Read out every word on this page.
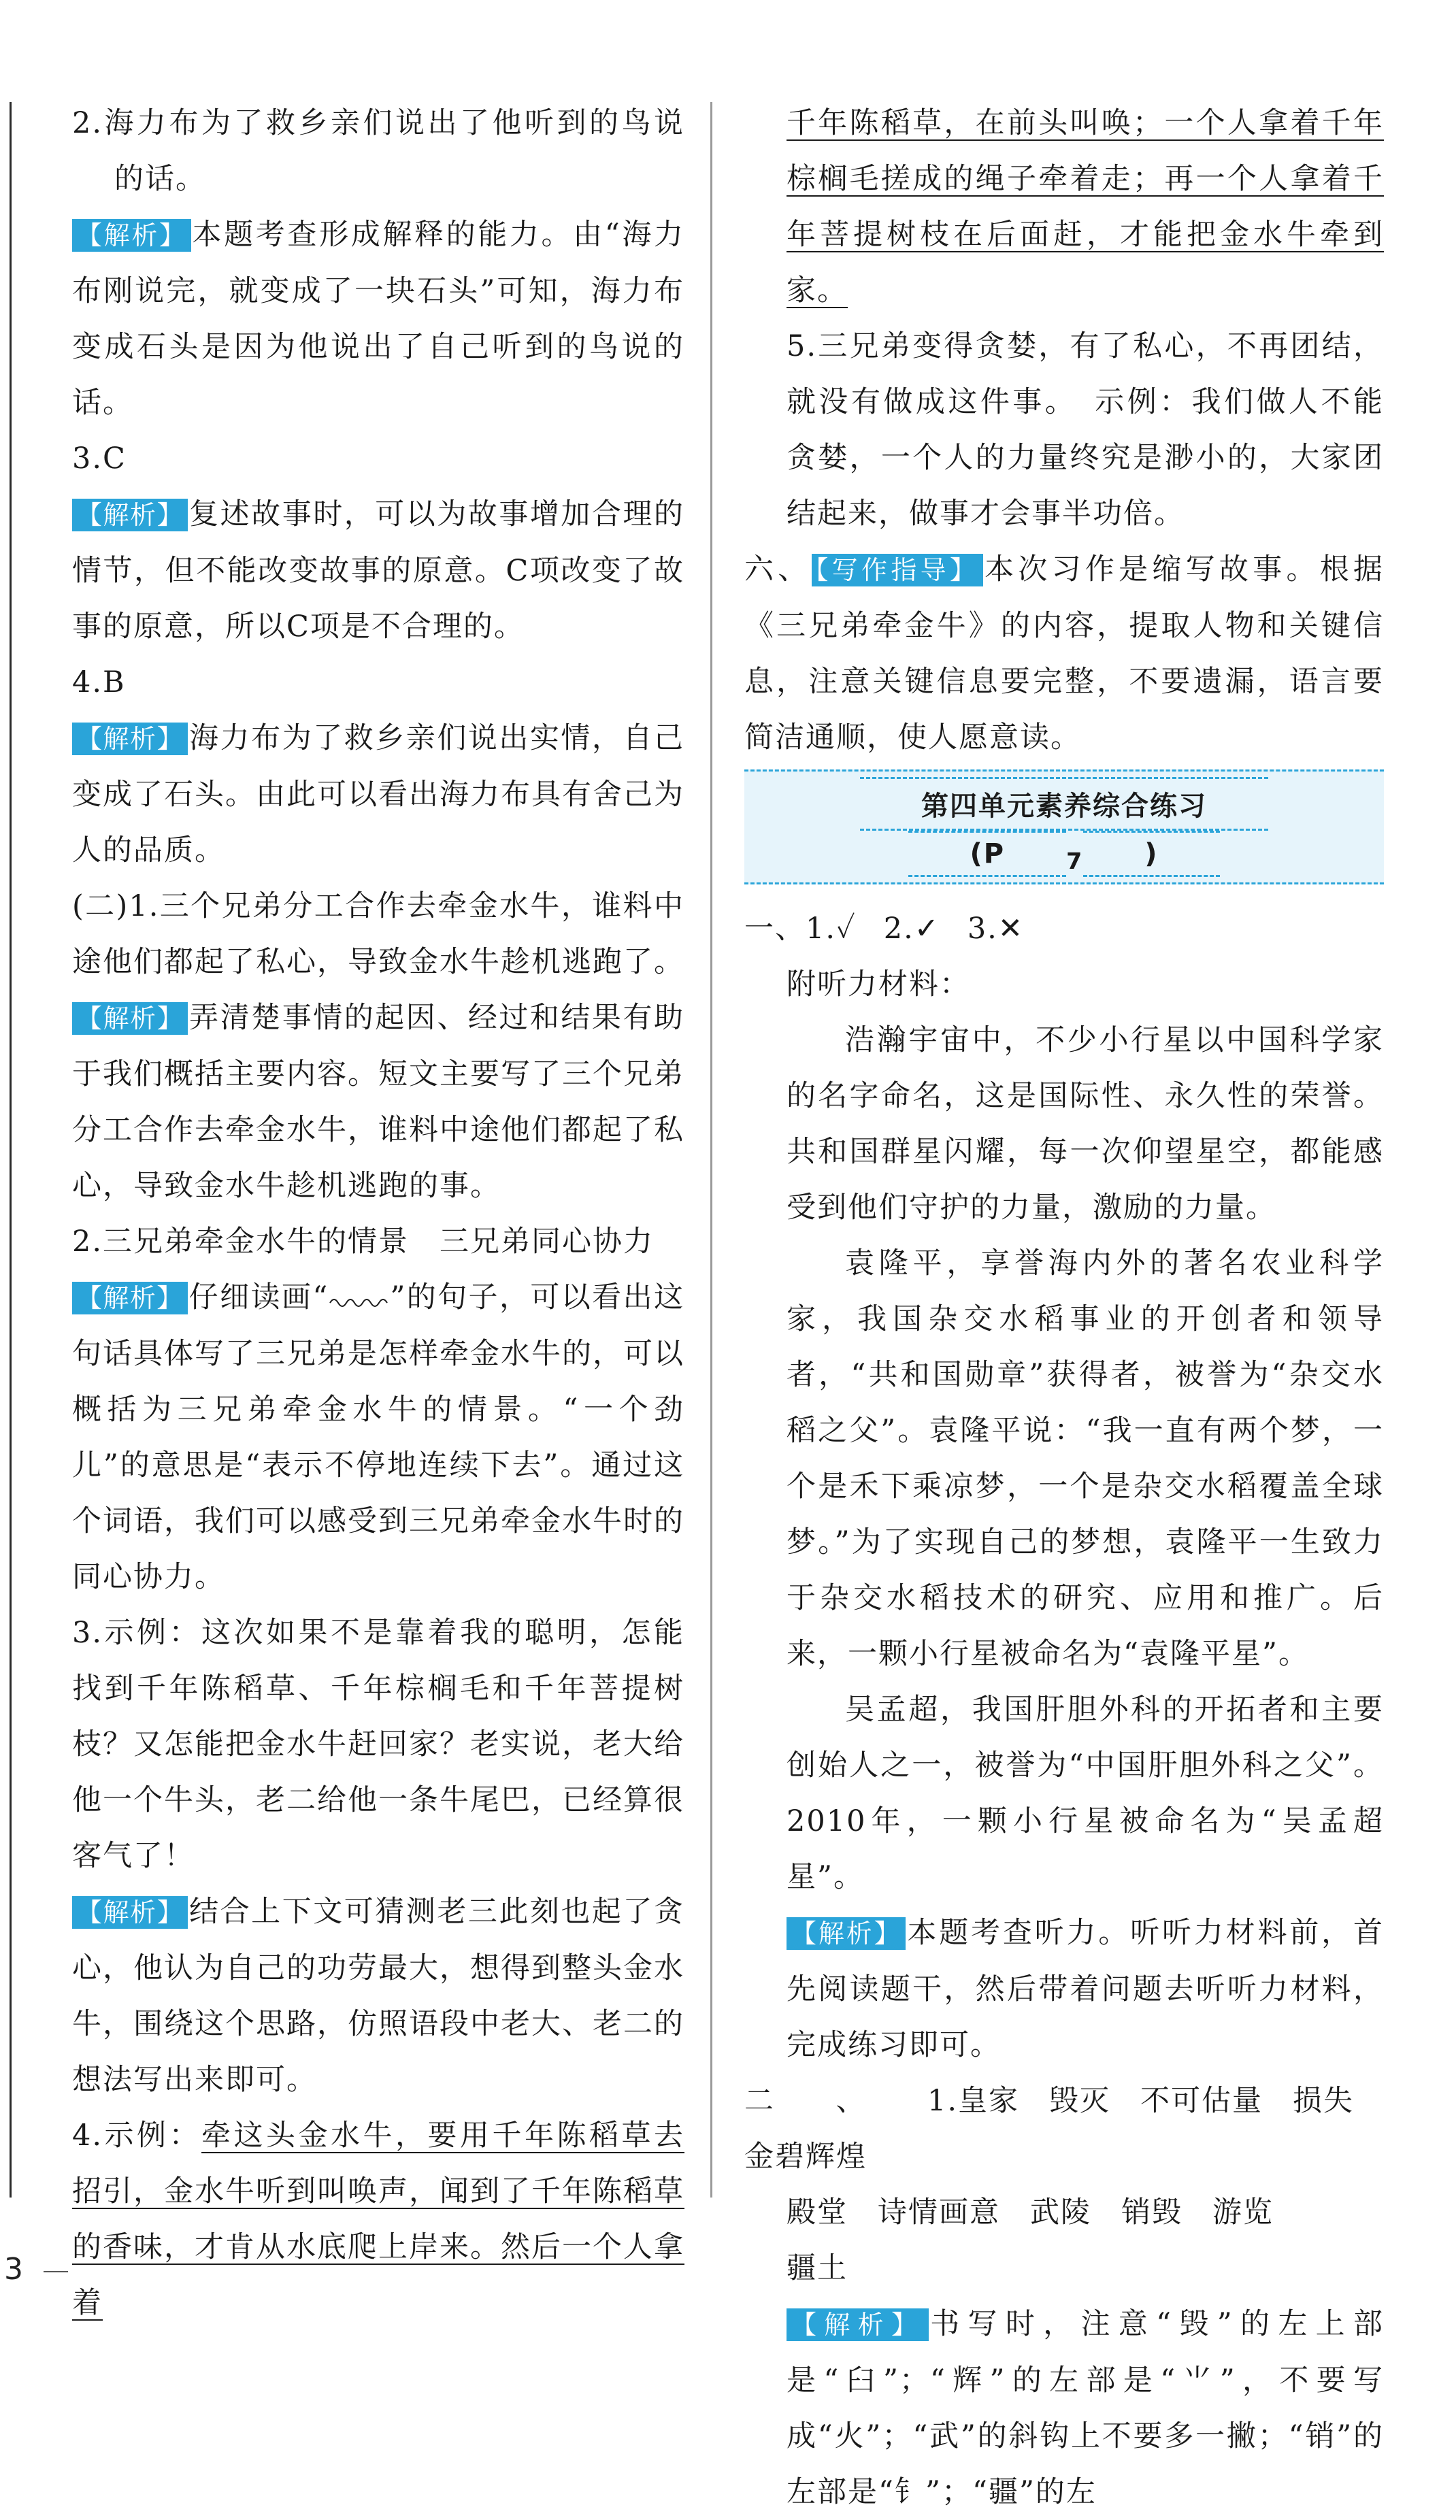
2.海力布为了救乡亲们说出了他听到的鸟说的话。

【解析】 本题考查形成解释的能力。由“海力布刚说完，就变成了一块石头”可知，海力布变成石头是因为他说出了自己听到的鸟说的话。

3.C

【解析】 复述故事时，可以为故事增加合理的情节，但不能改变故事的原意。C项改变了故事的原意，所以C项是不合理的。

4.B

【解析】 海力布为了救乡亲们说出实情，自己变成了石头。由此可以看出海力布具有舍己为人的品质。

(二)1.三个兄弟分工合作去牵金水牛，谁料中途他们都起了私心，导致金水牛趁机逃跑了。

【解析】 弄清楚事情的起因、经过和结果有助于我们概括主要内容。短文主要写了三个兄弟分工合作去牵金水牛，谁料中途他们都起了私心，导致金水牛趁机逃跑的事。

2.三兄弟牵金水牛的情景　三兄弟同心协力

【解析】 仔细读画“ ”的句子，可以看出这句话具体写了三兄弟是怎样牵金水牛的，可以概括为三兄弟牵金水牛的情景。“一个劲儿”的意思是“表示不停地连续下去”。通过这个词语，我们可以感受到三兄弟牵金水牛时的同心协力。

3.示例：这次如果不是靠着我的聪明，怎能找到千年陈稻草、千年棕榈毛和千年菩提树枝？又怎能把金水牛赶回家？老实说，老大给他一个牛头，老二给他一条牛尾巴，已经算很客气了！

【解析】 结合上下文可猜测老三此刻也起了贪心，他认为自己的功劳最大，想得到整头金水牛，围绕这个思路，仿照语段中老大、老二的想法写出来即可。

4.示例：牵这头金水牛，要用千年陈稻草去招引，金水牛听到叫唤声，闻到了千年陈稻草的香味，才肯从水底爬上岸来。然后一个人拿着

千年陈稻草，在前头叫唤；一个人拿着千年棕榈毛搓成的绳子牵着走；再一个人拿着千年菩提树枝在后面赶，才能把金水牛牵到家。

5.三兄弟变得贪婪，有了私心，不再团结，就没有做成这件事。　示例：我们做人不能贪婪，一个人的力量终究是渺小的，大家团结起来，做事才会事半功倍。

六、 【写作指导】 本次习作是缩写故事。根据《三兄弟牵金牛》的内容，提取人物和关键信息，注意关键信息要完整，不要遗漏，语言要简洁通顺，使人愿意读。

第四单元素养综合练习(P	$_7$ )

一、1.✓ 2.✓ 3.✕

附听力材料：

浩瀚宇宙中，不少小行星以中国科学家的名字命名，这是国际性、永久性的荣誉。共和国群星闪耀，每一次仰望星空，都能感受到他们守护的力量，激励的力量。

袁隆平，享誉海内外的著名农业科学家，我国杂交水稻事业的开创者和领导者，“共和国勋章”获得者，被誉为“杂交水稻之父”。袁隆平说：“我一直有两个梦，一个是禾下乘凉梦，一个是杂交水稻覆盖全球梦。”为了实现自己的梦想，袁隆平一生致力于杂交水稻技术的研究、应用和推广。后来，一颗小行星被命名为“袁隆平星”。

吴孟超，我国肝胆外科的开拓者和主要创始人之一，被誉为“中国肝胆外科之父”。2010年，一颗小行星被命名为“吴孟超星”。

【解析】 本题考查听力。听听力材料前，首先阅读题干，然后带着问题去听听力材料，完成练习即可。

二、1.皇家 毁灭 不可估量 损失金碧辉煌

殿堂 诗情画意 武陵 销毁 游览

疆土

【解析】 书写时，注意“毁”的左上部是“臼”；“辉”的左部是“⺌”，不要写成“火”；“武”的斜钩上不要多一撇；“销”的左部是“钅”；“疆”的左

3
